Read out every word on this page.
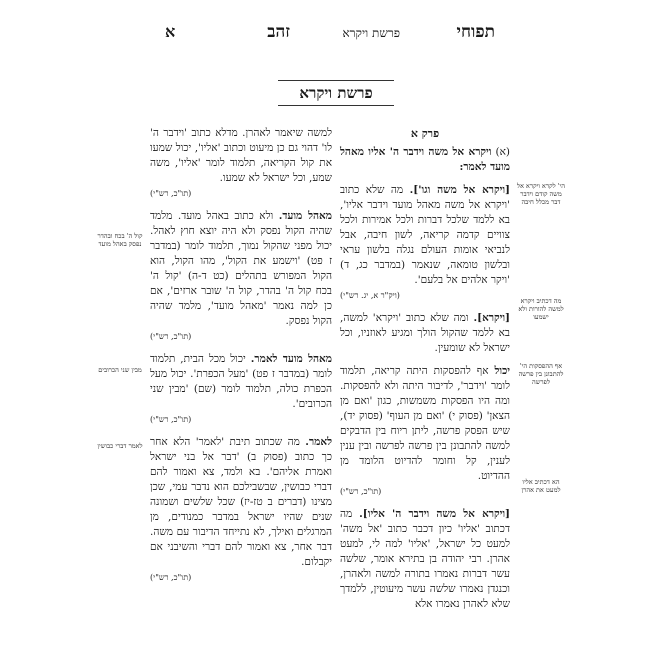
תפוחי
פרשת ויקרא
זהב
א
פרשת ויקרא
פרק א
(א) ויקרא אל משה וידבר ה' אליו מאהל מועד לאמר:
[ויקרא אל משה וגו']. מה שלא כתוב 'ויקרא אל משה מאהל מועד וידבר אליו', בא ללמד שלכל דברות ולכל אמירות ולכל צוויים קדמה קריאה, לשון חיבה, אבל לנביאי אומות העולם נגלה בלשון עראי ובלשון טומאה, שנאמר (במדבר כג, ד) 'ויקר אלהים אל בלעם'.
(ויק"ר א, יג. רש"י)
[ויקרא]. ומה שלא כתוב 'ויקרא' למשה, בא ללמד שהקול הולך ומגיע לאוזניו, וכל ישראל לא שומעין.
יכול אף להפסקות היתה קריאה, תלמוד לומר 'וידבר', לדיבור היתה ולא להפסקות. ומה היו הפסקות משמשות, כגון 'ואם מן הצאן' (פסוק י) 'ואם מן העוף' (פסוק יד), שיש הפסק פרשה, ליתן ריוח בין הדבקים למשה להתבונן בין פרשה לפרשה ובין ענין לענין, קל וחומר להדיוט הלומד מן ההדיוט.
(תו"כ, רש"י)
[ויקרא אל משה וידבר ה' אליו]. מה דכתוב 'אליו' כיון דכבר כתוב 'אל משה' למעט כל ישראל, 'אליו' למה לי, למעט אהרן. רבי יהודה בן בתירא אומר, שלשה עשר דברות נאמרו בתורה למשה ולאהרן, וכנגדן נאמרו שלשה עשר מיעוטין, ללמדך שלא לאהרן נאמרו אלא
למשה שיאמר לאהרן. מדלא כתוב 'וידבר ה' לו' דהוי גם כן מיעוט וכתוב 'אליו', יכול שמעו את קול הקריאה, תלמוד לומר 'אליו', משה שמע, וכל ישראל לא שמעו.
(תו"כ, רש"י)
מאהל מועד. ולא כתוב באהל מועד. מלמד שהיה הקול נפסק ולא היה יוצא חוץ לאהל. יכול מפני שהקול נמוך, תלמוד לומר (במדבר ז פט) 'וישמע את הקול', מהו הקול, הוא הקול המפורש בתהלים (כט ד-ה) 'קול ה' בכח קול ה' בהדר, קול ה' שובר ארזים', אם כן למה נאמר 'מאהל מועד', מלמד שהיה הקול נפסק.
(תו"כ, רש"י)
מאהל מועד לאמר. יכול מכל הבית, תלמוד לומר (במדבר ז פט) 'מעל הכפרת'. יכול מעל הכפרת כולה, תלמוד לומר (שם) 'מבין שני הכרובים'.
(תו"כ, רש"י)
לאמר. מה שכתוב תיבת 'לאמר' הלא אחר כך כתוב (פסוק ב) 'דבר אל בני ישראל ואמרת אליהם'. בא ולמד, צא ואמור להם דברי כבושין, שבשבילכם הוא נדבר עמי, שכן מצינו (דברים ב טז-יז) שכל שלשים ושמונה שנים שהיו ישראל במדבר כמנודים, מן המרגלים ואילך, לא נתייחד הדיבור עם משה. דבר אחר, צא ואמור להם דברי והשיבני אם יקבלום.
(תו"כ, רש"י)
הי' לקרא ויקרא אל משה קודם וידבר דבר מכלל חיבה
מה דכתיב ויקרא למשה להורות ולא ישמעו
אף ההפסקות הי' להתבונן בין פרשה לפרשה
הא דכתיב אליו למעט את אהרן
קול ה' בכח ובהדר נפסק באהל מועד
מבין שני הכרובים
לאמר דברי כבושין
